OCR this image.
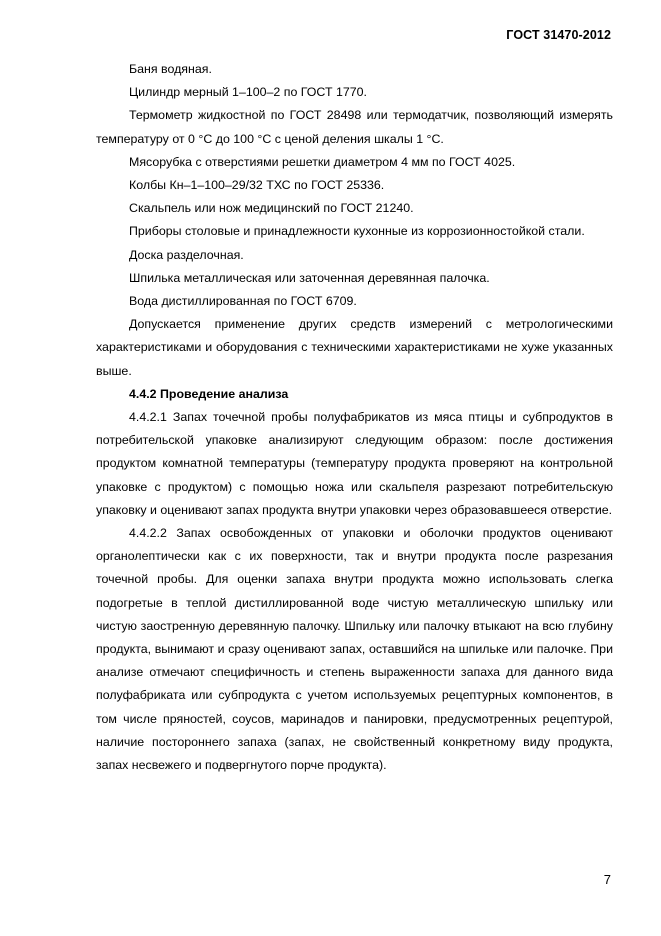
ГОСТ 31470-2012

Баня водяная.

Цилиндр мерный 1–100–2 по ГОСТ 1770.

Термометр жидкостной по ГОСТ 28498 или термодатчик, позволяющий измерять температуру от 0 °С до 100 °С с ценой деления шкалы 1 °С.

Мясорубка с отверстиями решетки диаметром 4 мм по ГОСТ 4025.

Колбы Кн–1–100–29/32 ТХС по ГОСТ 25336.

Скальпель или нож медицинский по ГОСТ 21240.

Приборы столовые и принадлежности кухонные из коррозионностойкой стали.

Доска разделочная.

Шпилька металлическая или заточенная деревянная палочка.

Вода дистиллированная по ГОСТ 6709.

Допускается применение других средств измерений с метрологическими характеристиками и оборудования с техническими характеристиками не хуже указанных выше.

4.4.2 Проведение анализа

4.4.2.1 Запах точечной пробы полуфабрикатов из мяса птицы и субпродуктов в потребительской упаковке анализируют следующим образом: после достижения продуктом комнатной температуры (температуру продукта проверяют на контрольной упаковке с продуктом) с помощью ножа или скальпеля разрезают потребительскую упаковку и оценивают запах продукта внутри упаковки через образовавшееся отверстие.

4.4.2.2 Запах освобожденных от упаковки и оболочки продуктов оценивают органолептически как с их поверхности, так и внутри продукта после разрезания точечной пробы. Для оценки запаха внутри продукта можно использовать слегка подогретые в теплой дистиллированной воде чистую металлическую шпильку или чистую заостренную деревянную палочку. Шпильку или палочку втыкают на всю глубину продукта, вынимают и сразу оценивают запах, оставшийся на шпильке или палочке. При анализе отмечают специфичность и степень выраженности запаха для данного вида полуфабриката или субпродукта с учетом используемых рецептурных компонентов, в том числе пряностей, соусов, маринадов и панировки, предусмотренных рецептурой, наличие постороннего запаха (запах, не свойственный конкретному виду продукта, запах несвежего и подвергнутого порче продукта).

7
